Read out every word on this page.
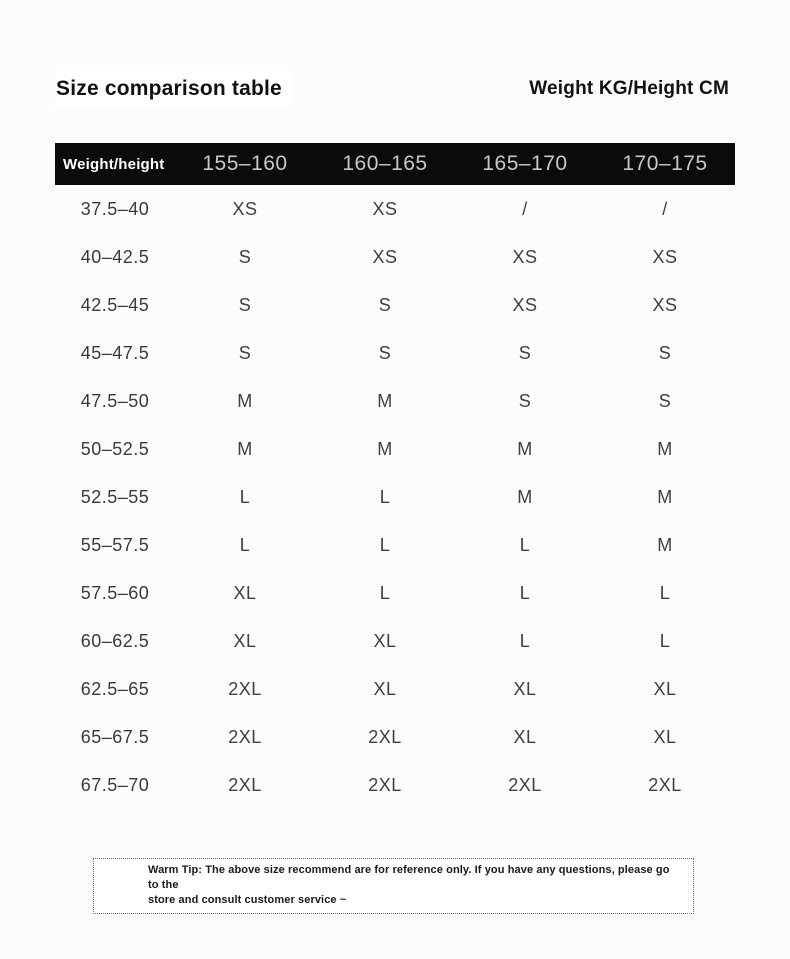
Size comparison table	Weight KG/Height CM
Weight/height	155–160	160–165	165–170	170–175
37.5–40	XS	XS	/	/
40–42.5	S	XS	XS	XS
42.5–45	S	S	XS	XS
45–47.5	S	S	S	S
47.5–50	M	M	S	S
50–52.5	M	M	M	M
52.5–55	L	L	M	M
55–57.5	L	L	L	M
57.5–60	XL	L	L	L
60–62.5	XL	XL	L	L
62.5–65	2XL	XL	XL	XL
65–67.5	2XL	2XL	XL	XL
67.5–70	2XL	2XL	2XL	2XL
Warm Tip: The above size recommend are for reference only. If you have any questions, please go to the
store and consult customer service ~
